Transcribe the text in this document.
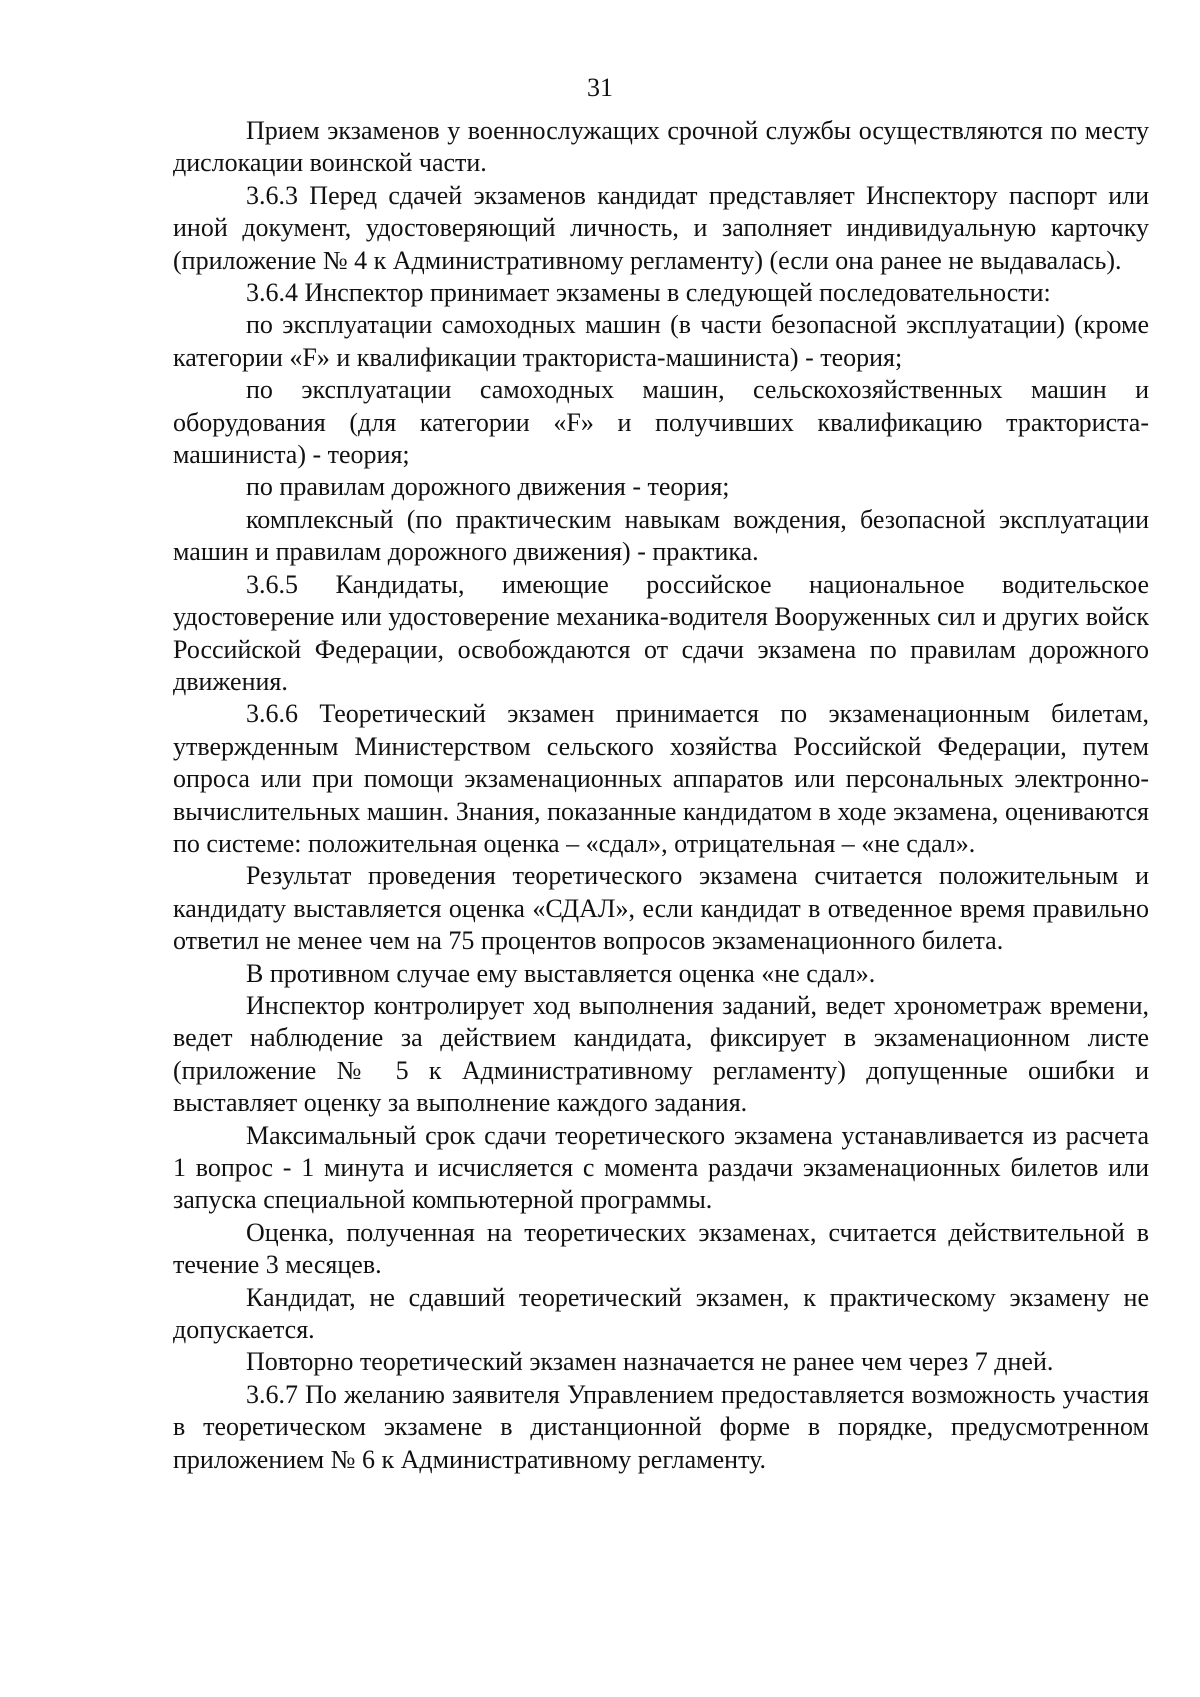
31

Прием экзаменов у военнослужащих срочной службы осуществляются по месту дислокации воинской части.

3.6.3 Перед сдачей экзаменов кандидат представляет Инспектору паспорт или иной документ, удостоверяющий личность, и заполняет индивидуальную карточку (приложение № 4 к Административному регламенту) (если она ранее не выдавалась).

3.6.4 Инспектор принимает экзамены в следующей последовательности:

по эксплуатации самоходных машин (в части безопасной эксплуатации) (кроме категории «F» и квалификации тракториста-машиниста) - теория;

по эксплуатации самоходных машин, сельскохозяйственных машин и оборудования (для категории «F» и получивших квалификацию тракториста-машиниста) - теория;

по правилам дорожного движения - теория;

комплексный (по практическим навыкам вождения, безопасной эксплуатации машин и правилам дорожного движения) - практика.

3.6.5 Кандидаты, имеющие российское национальное водительское удостоверение или удостоверение механика-водителя Вооруженных сил и других войск Российской Федерации, освобождаются от сдачи экзамена по правилам дорожного движения.

3.6.6 Теоретический экзамен принимается по экзаменационным билетам, утвержденным Министерством сельского хозяйства Российской Федерации, путем опроса или при помощи экзаменационных аппаратов или персональных электронно-вычислительных машин. Знания, показанные кандидатом в ходе экзамена, оцениваются по системе: положительная оценка – «сдал», отрицательная – «не сдал».

Результат проведения теоретического экзамена считается положительным и кандидату выставляется оценка «СДАЛ», если кандидат в отведенное время правильно ответил не менее чем на 75 процентов вопросов экзаменационного билета.

В противном случае ему выставляется оценка «не сдал».

Инспектор контролирует ход выполнения заданий, ведет хронометраж времени, ведет наблюдение за действием кандидата, фиксирует в экзаменационном листе (приложение № 5 к Административному регламенту) допущенные ошибки и выставляет оценку за выполнение каждого задания.

Максимальный срок сдачи теоретического экзамена устанавливается из расчета 1 вопрос - 1 минута и исчисляется с момента раздачи экзаменационных билетов или запуска специальной компьютерной программы.

Оценка, полученная на теоретических экзаменах, считается действительной в течение 3 месяцев.

Кандидат, не сдавший теоретический экзамен, к практическому экзамену не допускается.

Повторно теоретический экзамен назначается не ранее чем через 7 дней.

3.6.7 По желанию заявителя Управлением предоставляется возможность участия в теоретическом экзамене в дистанционной форме в порядке, предусмотренном приложением № 6 к Административному регламенту.
